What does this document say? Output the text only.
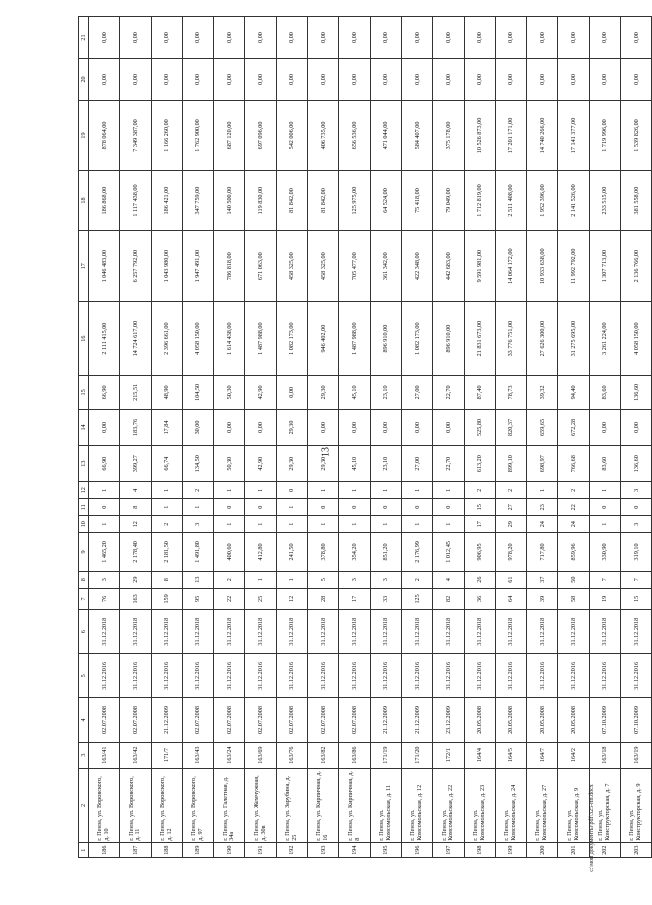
13
1	2	3	4	5	6	7	8	9	10	11	12	13	14	15	16	17	18	19	20	21
186	г. Пенза, ул. Воровского, д. 10	163/41	02.07.2008	31.12.2016	31.12.2018	76	3	1 465,20	1	0	1	66,90	0,00	66,90	2 111 415,00	1 046 483,00	186 868,00	878 064,00	0,00	0,00
187	г. Пенза, ул. Воровского, д. 11	163/42	02.07.2008	31.12.2016	31.12.2018	163	29	2 178,40	12	8	4	399,27	183,76	215,51	14 724 617,00	6 257 792,00	1 117 438,00	7 349 387,00	0,00	0,00
188	г. Пенза, ул. Воровского, д. 12	171/7	21.12.2009	31.12.2016	31.12.2018	159	8	2 181,50	2	1	1	66,74	17,84	48,90	2 396 661,00	1 043 980,00	186 421,00	1 166 260,00	0,00	0,00
189	г. Пенза, ул. Воровского, д. 97	163/43	02.07.2008	31.12.2016	31.12.2018	95	13	1 491,80	3	1	2	134,50	30,00	104,50	4 058 150,00	1 947 491,00	347 759,00	1 762 900,00	0,00	0,00
190	г. Пенза, ул. Галетная, д. 34а	163/24	02.07.2008	31.12.2016	31.12.2018	22	2	400,60	1	0	1	50,30	0,00	50,30	1 614 438,00	786 818,00	140 500,00	687 120,00	0,00	0,00
191	г. Пенза, ул. Жемчужная, д. 30в	163/69	02.07.2008	31.12.2016	31.12.2018	25	1	412,80	1	0	1	42,90	0,00	42,90	1 487 988,00	671 063,00	119 830,00	697 096,00	0,00	0,00
192	г. Пенза, ул. Зарубина, д. 25	163/76	02.07.2008	31.12.2016	31.12.2018	12	1	241,50	1	1	0	29,30	29,30	0,00	1 082 173,00	458 325,00	81 842,00	542 006,00	0,00	0,00
193	г. Пенза, ул. Кирпичная, д. 16	163/82	02.07.2008	31.12.2016	31.12.2018	28	5	378,80	1	0	1	29,30	0,00	29,30	946 402,00	458 325,00	81 842,00	406 735,00	0,00	0,00
194	г. Пенза, ул. Кирпичная, д. 8	163/86	02.07.2008	31.12.2016	31.12.2018	17	3	354,20	1	0	1	45,10	0,00	45,10	1 487 988,00	705 477,00	125 975,00	656 536,00	0,00	0,00
195	г. Пенза, ул. Комсомольская, д. 11	171/19	21.12.2009	31.12.2016	31.12.2018	33	3	851,20	1	0	1	23,10	0,00	23,10	896 910,00	361 342,00	64 524,00	471 044,00	0,00	0,00
196	г. Пенза, ул. Комсомольская, д. 12	171/20	21.12.2009	31.12.2016	31.12.2018	125	2	2 176,99	1	0	1	27,00	0,00	27,00	1 082 173,00	422 348,00	75 418,00	584 407,00	0,00	0,00
197	г. Пенза, ул. Комсомольская, д. 22	172/1	23.12.2009	31.12.2016	31.12.2018	82	4	1 012,45	1	0	1	22,70	0,00	22,70	896 910,00	442 683,00	79 049,00	375 178,00	0,00	0,00
198	г. Пенза, ул. Комсомольская, д. 23	164/4	20.05.2008	31.12.2016	31.12.2018	36	26	906,95	17	15	2	613,20	525,80	87,40	21 831 673,00	9 591 981,00	1 712 819,00	10 526 873,00	0,00	0,00
199	г. Пенза, ул. Комсомольская, д. 24	164/5	20.05.2008	31.12.2016	31.12.2018	64	61	978,20	29	27	2	899,10	820,37	78,73	33 776 751,00	14 064 172,00	2 511 408,00	17 201 171,00	0,00	0,00
200	г. Пенза, ул. Комсомольская, д. 27	164/7	20.05.2008	31.12.2016	31.12.2018	39	37	717,80	24	23	1	698,97	659,65	39,32	27 626 300,00	10 933 638,00	1 952 396,00	14 740 266,00	0,00	0,00
201	г. Пенза, ул. Комсомольская, д. 9	164/2	20.05.2008	31.12.2016	31.12.2018	58	50	859,96	24	22	2	766,68	672,28	94,40	31 275 695,00	11 992 792,00	2 141 526,00	17 141 377,00	0,00	0,00
202	г. Пенза, ул. Конструкторская, д. 7	163/18	07.10.2009	31.12.2016	31.12.2018	19	7	330,90	1	0	1	83,60	0,00	83,60	3 261 224,00	1 307 713,00	233 515,00	1 719 996,00	0,00	0,00
203	г. Пенза, ул. Конструкторская, д. 9	163/19	07.10.2009	31.12.2016	31.12.2018	15	7	319,10	3	0	3	136,60	0,00	136,60	4 058 150,00	2 136 766,00	381 558,00	1 539 826,00	0,00	0,00
c:\мои документы\pdf\325-пп.docx
